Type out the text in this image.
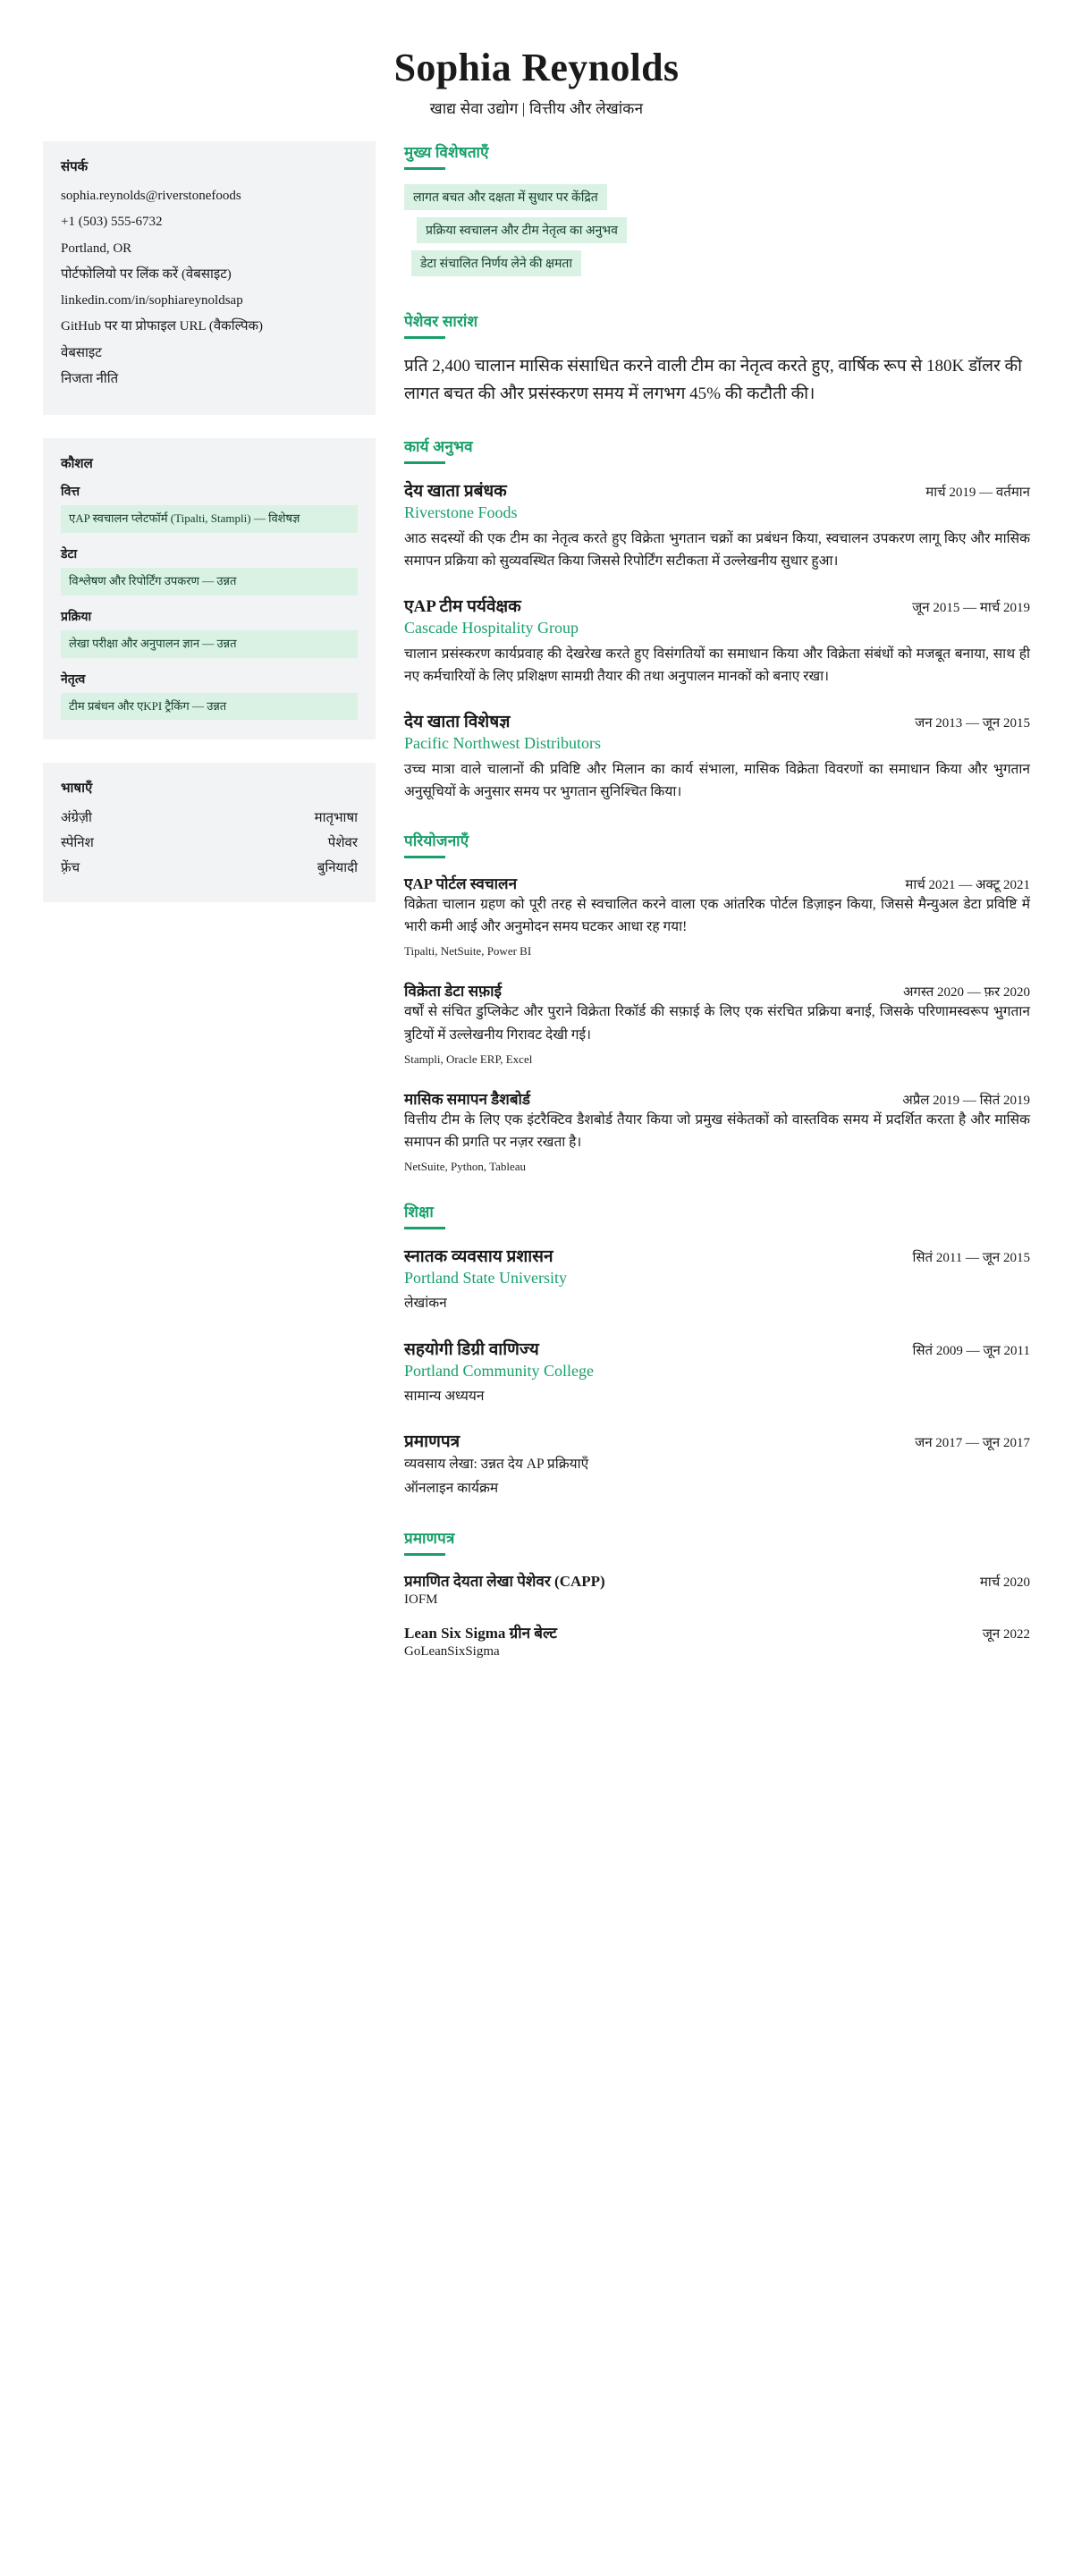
Sophia Reynolds

खाद्य सेवा उद्योग | वित्तीय और लेखांकन

संपर्क

sophia.reynolds@riverstonefoods

+1 (503) 555-6732

Portland, OR

पोर्टफोलियो पर लिंक करें (वेबसाइट)

linkedin.com/in/sophiareynoldsap

GitHub पर या प्रोफाइल URL (वैकल्पिक)

वेबसाइट

निजता नीति

कौशल

वित्त

एAP स्वचालन प्लेटफॉर्म (Tipalti, Stampli) — विशेषज्ञ

डेटा

विश्लेषण और रिपोर्टिंग उपकरण — उन्नत

प्रक्रिया

लेखा परीक्षा और अनुपालन ज्ञान — उन्नत

नेतृत्व

टीम प्रबंधन और एKPI ट्रैकिंग — उन्नत

भाषाएँ

अंग्रेज़ी	मातृभाषा
स्पेनिश	पेशेवर
फ़्रेंच	बुनियादी
मुख्य विशेषताएँ
लागत बचत और दक्षता में सुधार पर केंद्रित
प्रक्रिया स्वचालन और टीम नेतृत्व का अनुभव
डेटा संचालित निर्णय लेने की क्षमता
पेशेवर सारांश

प्रति 2,400 चालान मासिक संसाधित करने वाली टीम का नेतृत्व करते हुए, वार्षिक रूप से 180K डॉलर की लागत बचत की और प्रसंस्करण समय में लगभग 45% की कटौती की।

कार्य अनुभव

देय खाता प्रबंधक	मार्च 2019 — वर्तमान

Riverstone Foods

आठ सदस्यों की एक टीम का नेतृत्व करते हुए विक्रेता भुगतान चक्रों का प्रबंधन किया, स्वचालन उपकरण लागू किए और मासिक समापन प्रक्रिया को सुव्यवस्थित किया जिससे रिपोर्टिंग सटीकता में उल्लेखनीय सुधार हुआ।

एAP टीम पर्यवेक्षक	जून 2015 — मार्च 2019

Cascade Hospitality Group

चालान प्रसंस्करण कार्यप्रवाह की देखरेख करते हुए विसंगतियों का समाधान किया और विक्रेता संबंधों को मजबूत बनाया, साथ ही नए कर्मचारियों के लिए प्रशिक्षण सामग्री तैयार की तथा अनुपालन मानकों को बनाए रखा।

देय खाता विशेषज्ञ	जन 2013 — जून 2015

Pacific Northwest Distributors

उच्च मात्रा वाले चालानों की प्रविष्टि और मिलान का कार्य संभाला, मासिक विक्रेता विवरणों का समाधान किया और भुगतान अनुसूचियों के अनुसार समय पर भुगतान सुनिश्चित किया।

परियोजनाएँ

एAP पोर्टल स्वचालन	मार्च 2021 — अक्टू 2021

विक्रेता चालान ग्रहण को पूरी तरह से स्वचालित करने वाला एक आंतरिक पोर्टल डिज़ाइन किया, जिससे मैन्युअल डेटा प्रविष्टि में भारी कमी आई और अनुमोदन समय घटकर आधा रह गया!

Tipalti, NetSuite, Power BI

विक्रेता डेटा सफ़ाई	अगस्त 2020 — फ़र 2020

वर्षों से संचित डुप्लिकेट और पुराने विक्रेता रिकॉर्ड की सफ़ाई के लिए एक संरचित प्रक्रिया बनाई, जिसके परिणामस्वरूप भुगतान त्रुटियों में उल्लेखनीय गिरावट देखी गई।

Stampli, Oracle ERP, Excel

मासिक समापन डैशबोर्ड	अप्रैल 2019 — सितं 2019

वित्तीय टीम के लिए एक इंटरैक्टिव डैशबोर्ड तैयार किया जो प्रमुख संकेतकों को वास्तविक समय में प्रदर्शित करता है और मासिक समापन की प्रगति पर नज़र रखता है।

NetSuite, Python, Tableau

शिक्षा

स्नातक व्यवसाय प्रशासन	सितं 2011 — जून 2015

Portland State University

लेखांकन

सहयोगी डिग्री वाणिज्य	सितं 2009 — जून 2011

Portland Community College

सामान्य अध्ययन

प्रमाणपत्र	जन 2017 — जून 2017

व्यवसाय लेखा: उन्नत देय AP प्रक्रियाएँ

ऑनलाइन कार्यक्रम

प्रमाणपत्र

प्रमाणित देयता लेखा पेशेवर (CAPP)	मार्च 2020

IOFM

Lean Six Sigma ग्रीन बेल्ट	जून 2022

GoLeanSixSigma
